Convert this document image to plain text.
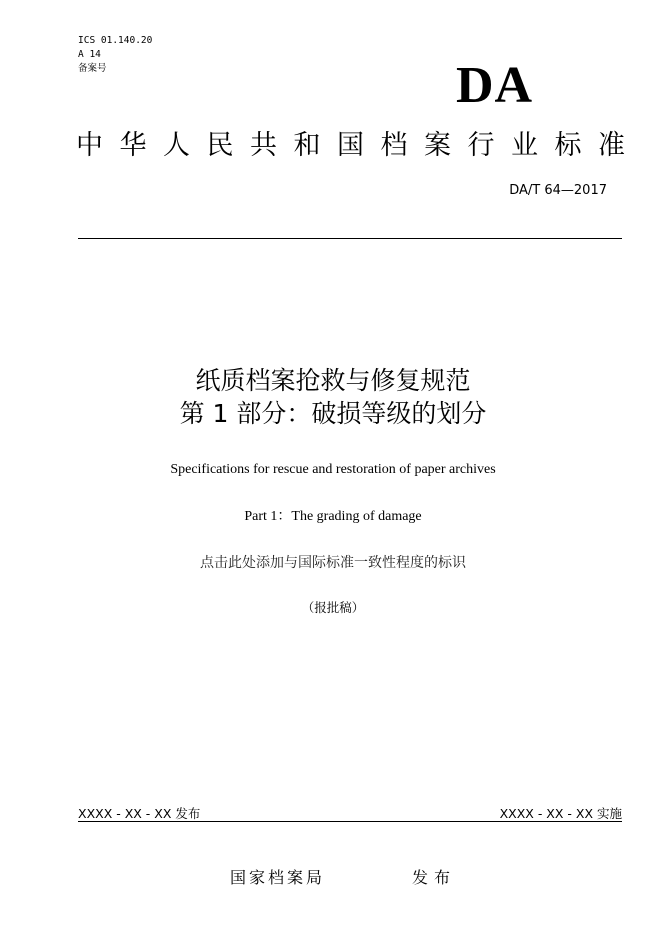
ICS 01.140.20
A 14
备案号	DA
中华人民共和国档案行业标准
DA/T 64—2017
纸质档案抢救与修复规范
第 1 部分：破损等级的划分
Specifications for rescue and restoration of paper archives
Part 1：The grading of damage
点击此处添加与国际标准一致性程度的标识
（报批稿）
XXXX - XX - XX 发布	XXXX - XX - XX 实施
国家档案局	发布
